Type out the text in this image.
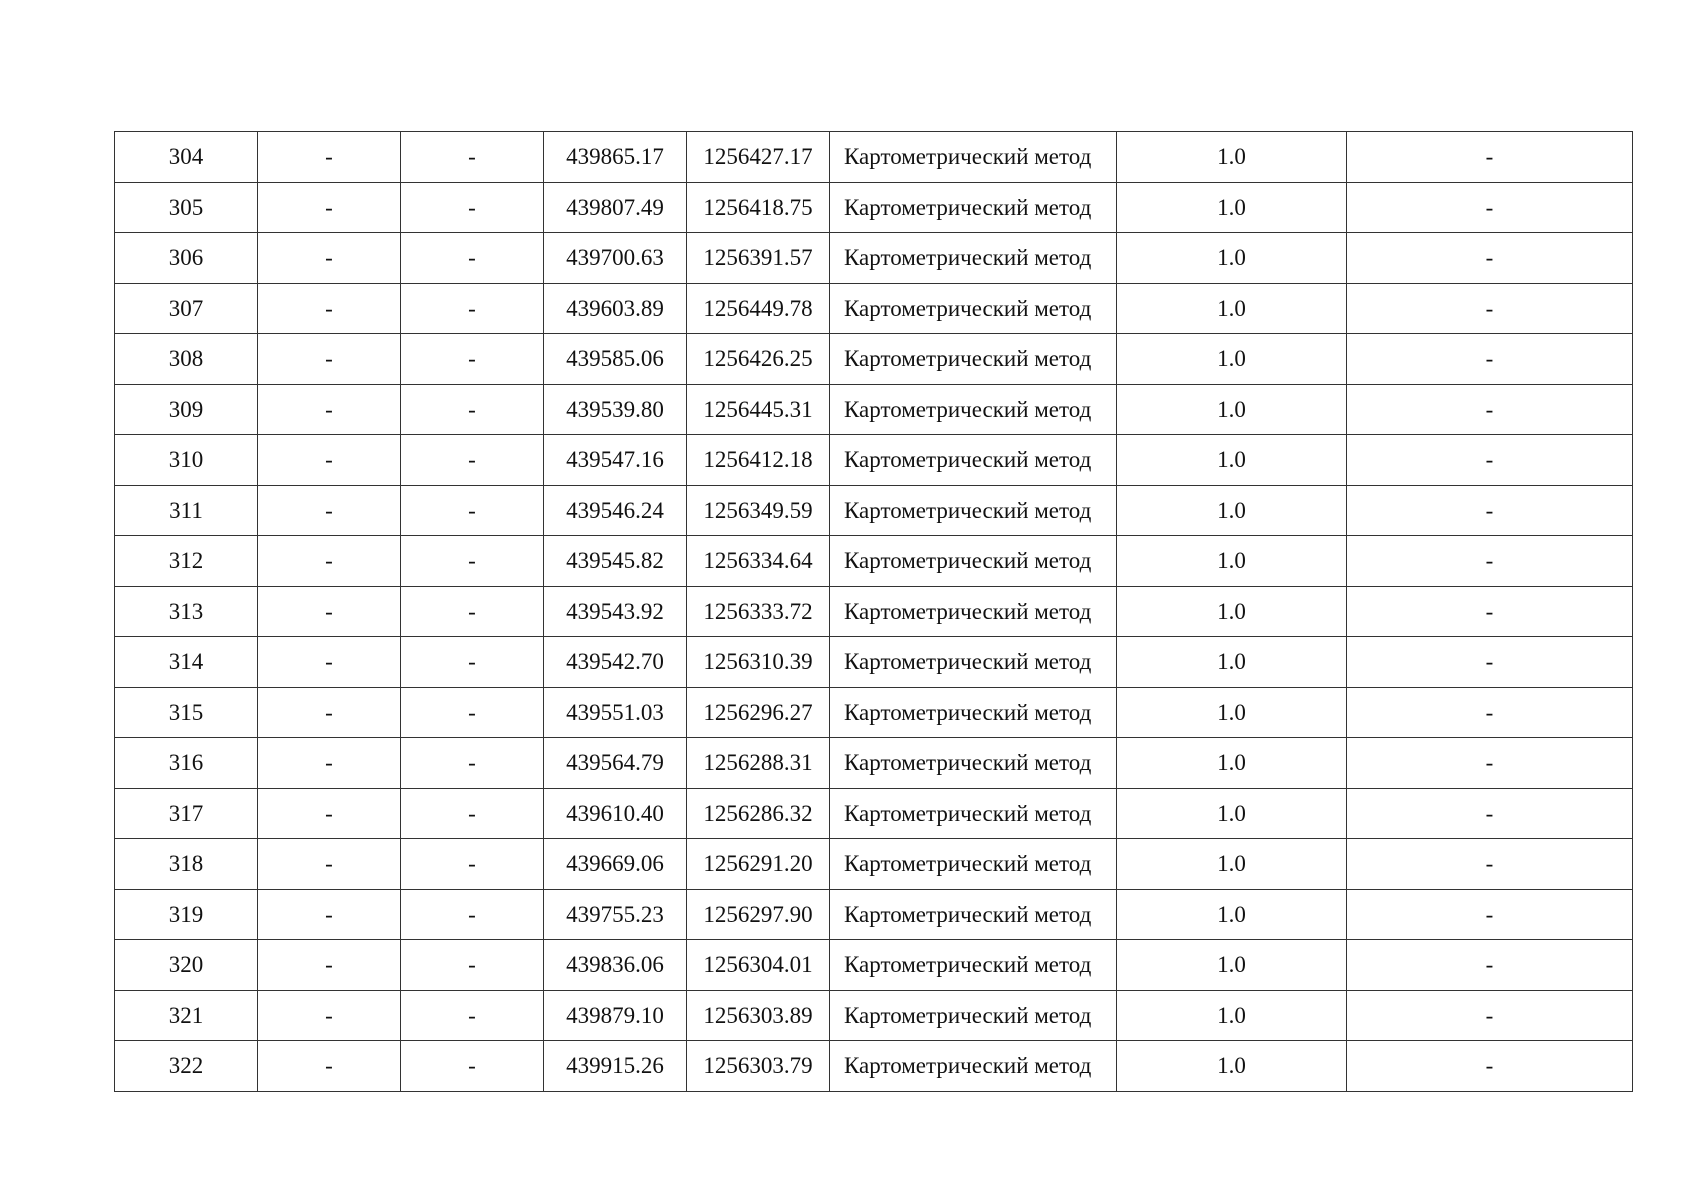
304	-	-	439865.17	1256427.17	Картометрический метод	1.0	-
305	-	-	439807.49	1256418.75	Картометрический метод	1.0	-
306	-	-	439700.63	1256391.57	Картометрический метод	1.0	-
307	-	-	439603.89	1256449.78	Картометрический метод	1.0	-
308	-	-	439585.06	1256426.25	Картометрический метод	1.0	-
309	-	-	439539.80	1256445.31	Картометрический метод	1.0	-
310	-	-	439547.16	1256412.18	Картометрический метод	1.0	-
311	-	-	439546.24	1256349.59	Картометрический метод	1.0	-
312	-	-	439545.82	1256334.64	Картометрический метод	1.0	-
313	-	-	439543.92	1256333.72	Картометрический метод	1.0	-
314	-	-	439542.70	1256310.39	Картометрический метод	1.0	-
315	-	-	439551.03	1256296.27	Картометрический метод	1.0	-
316	-	-	439564.79	1256288.31	Картометрический метод	1.0	-
317	-	-	439610.40	1256286.32	Картометрический метод	1.0	-
318	-	-	439669.06	1256291.20	Картометрический метод	1.0	-
319	-	-	439755.23	1256297.90	Картометрический метод	1.0	-
320	-	-	439836.06	1256304.01	Картометрический метод	1.0	-
321	-	-	439879.10	1256303.89	Картометрический метод	1.0	-
322	-	-	439915.26	1256303.79	Картометрический метод	1.0	-
